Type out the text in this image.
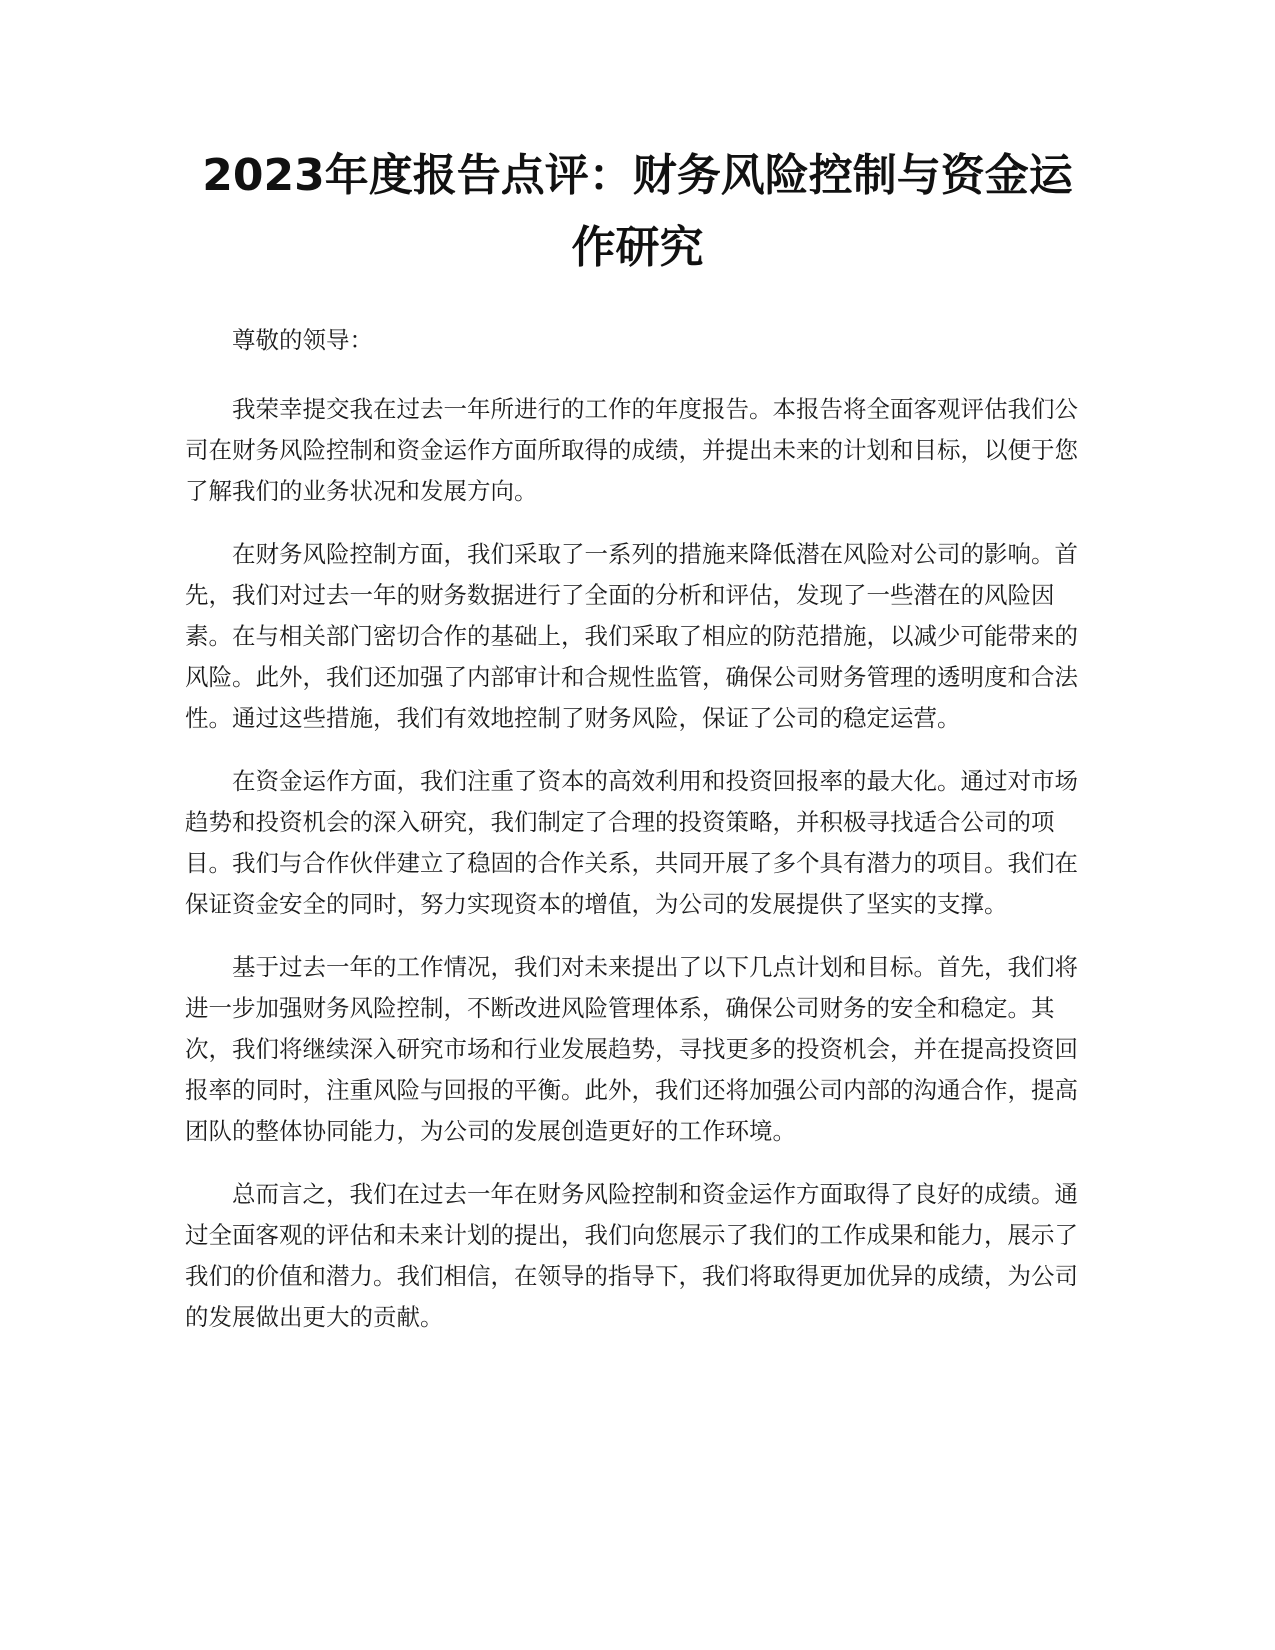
2023年度报告点评：财务风险控制与资金运
作研究

尊敬的领导：

我荣幸提交我在过去一年所进行的工作的年度报告。本报告将全面客观评估我们公司在财务风险控制和资金运作方面所取得的成绩，并提出未来的计划和目标，以便于您了解我们的业务状况和发展方向。

在财务风险控制方面，我们采取了一系列的措施来降低潜在风险对公司的影响。首先，我们对过去一年的财务数据进行了全面的分析和评估，发现了一些潜在的风险因素。在与相关部门密切合作的基础上，我们采取了相应的防范措施，以减少可能带来的风险。此外，我们还加强了内部审计和合规性监管，确保公司财务管理的透明度和合法性。通过这些措施，我们有效地控制了财务风险，保证了公司的稳定运营。

在资金运作方面，我们注重了资本的高效利用和投资回报率的最大化。通过对市场趋势和投资机会的深入研究，我们制定了合理的投资策略，并积极寻找适合公司的项目。我们与合作伙伴建立了稳固的合作关系，共同开展了多个具有潜力的项目。我们在保证资金安全的同时，努力实现资本的增值，为公司的发展提供了坚实的支撑。

基于过去一年的工作情况，我们对未来提出了以下几点计划和目标。首先，我们将进一步加强财务风险控制，不断改进风险管理体系，确保公司财务的安全和稳定。其次，我们将继续深入研究市场和行业发展趋势，寻找更多的投资机会，并在提高投资回报率的同时，注重风险与回报的平衡。此外，我们还将加强公司内部的沟通合作，提高团队的整体协同能力，为公司的发展创造更好的工作环境。

总而言之，我们在过去一年在财务风险控制和资金运作方面取得了良好的成绩。通过全面客观的评估和未来计划的提出，我们向您展示了我们的工作成果和能力，展示了我们的价值和潜力。我们相信，在领导的指导下，我们将取得更加优异的成绩，为公司的发展做出更大的贡献。
